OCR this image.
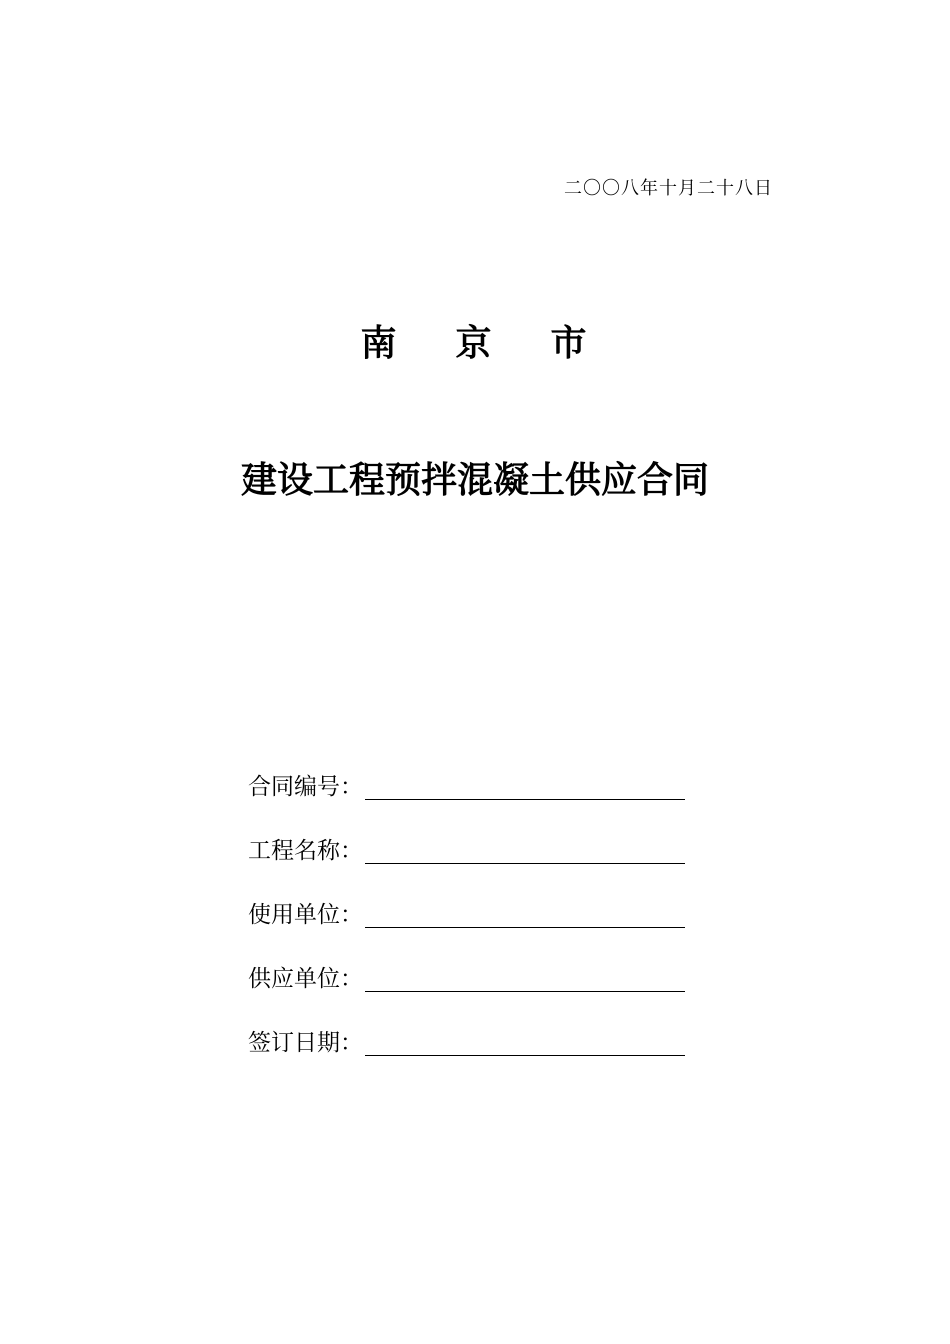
二〇〇八年十月二十八日
南 京 市
建设工程预拌混凝土供应合同
合同编号：
工程名称：
使用单位：
供应单位：
签订日期：
